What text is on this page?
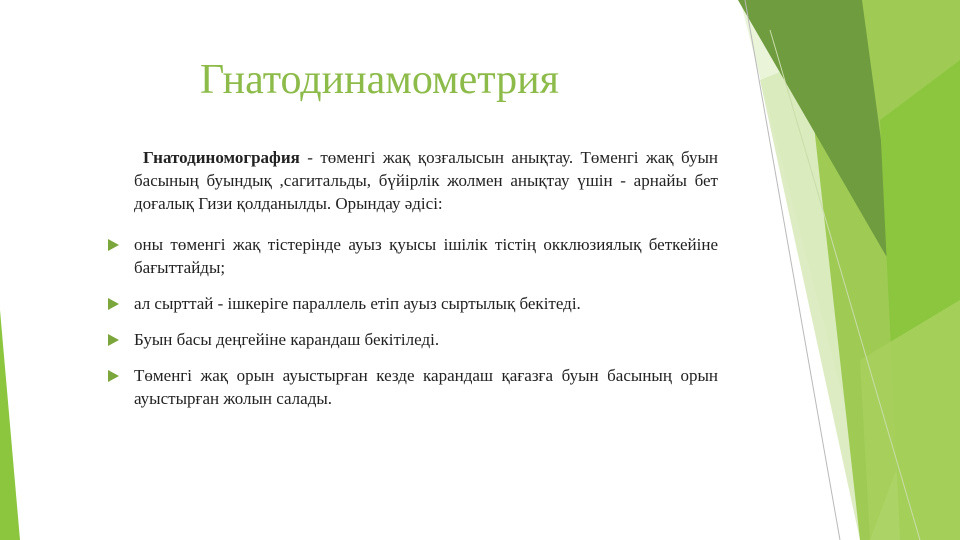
Гнатодинамометрия

Гнатодиномография - төменгі жақ қозғалысын анықтау. Төменгі жақ буын басының буындық ,сагитальды, бүйірлік жолмен анықтау үшін - арнайы бет доғалық Гизи қолданылды. Орындау әдісі:

оны төменгі жақ тістерінде ауыз қуысы ішілік тістің окклюзиялық беткейіне бағыттайды;
ал сырттай - ішкеріге параллель етіп ауыз сыртылық бекітеді.
Буын басы деңгейіне карандаш бекітіледі.
Төменгі жақ орын ауыстырған кезде карандаш қағазға буын басының орын ауыстырған жолын салады.
